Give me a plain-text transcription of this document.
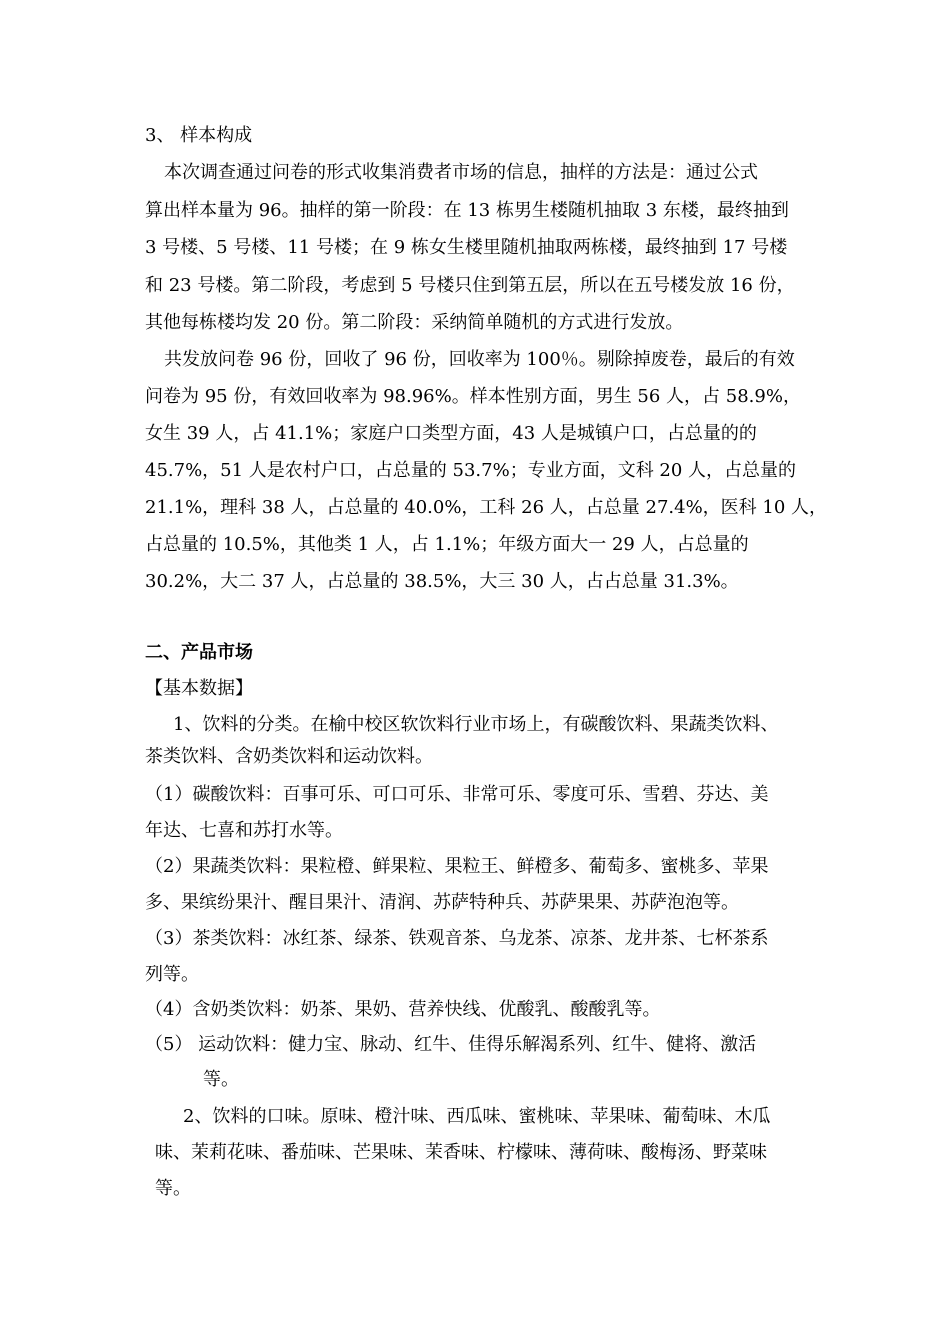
3、 样本构成

本次调查通过问卷的形式收集消费者市场的信息，抽样的方法是：通过公式

算出样本量为 96。抽样的第一阶段：在 13 栋男生楼随机抽取 3 东楼，最终抽到

3 号楼、5 号楼、11 号楼；在 9 栋女生楼里随机抽取两栋楼，最终抽到 17 号楼

和 23 号楼。第二阶段，考虑到 5 号楼只住到第五层，所以在五号楼发放 16 份，

其他每栋楼均发 20 份。第二阶段：采纳简单随机的方式进行发放。

共发放问卷 96 份，回收了 96 份，回收率为 100％。剔除掉废卷，最后的有效

问卷为 95 份，有效回收率为 98.96%。样本性别方面，男生 56 人，占 58.9%，

女生 39 人，占 41.1%；家庭户口类型方面，43 人是城镇户口，占总量的的

45.7%，51 人是农村户口，占总量的 53.7%；专业方面，文科 20 人，占总量的

21.1%，理科 38 人，占总量的 40.0%，工科 26 人，占总量 27.4%，医科 10 人，

占总量的 10.5%，其他类 1 人，占 1.1%；年级方面大一 29 人，占总量的

30.2%，大二 37 人，占总量的 38.5%，大三 30 人，占占总量 31.3%。

二、产品市场

【基本数据】

1、饮料的分类。在榆中校区软饮料行业市场上，有碳酸饮料、果蔬类饮料、

茶类饮料、含奶类饮料和运动饮料。

（1）碳酸饮料：百事可乐、可口可乐、非常可乐、零度可乐、雪碧、芬达、美

年达、七喜和苏打水等。

（2）果蔬类饮料：果粒橙、鲜果粒、果粒王、鲜橙多、葡萄多、蜜桃多、苹果

多、果缤纷果汁、醒目果汁、清润、苏萨特种兵、苏萨果果、苏萨泡泡等。

（3）茶类饮料：冰红茶、绿茶、铁观音茶、乌龙茶、凉茶、龙井茶、七杯茶系

列等。

（4）含奶类饮料：奶茶、果奶、营养快线、优酸乳、酸酸乳等。

（5） 运动饮料：健力宝、脉动、红牛、佳得乐解渴系列、红牛、健将、激活

等。

2、饮料的口味。原味、橙汁味、西瓜味、蜜桃味、苹果味、葡萄味、木瓜

味、茉莉花味、番茄味、芒果味、茉香味、柠檬味、薄荷味、酸梅汤、野菜味

等。
